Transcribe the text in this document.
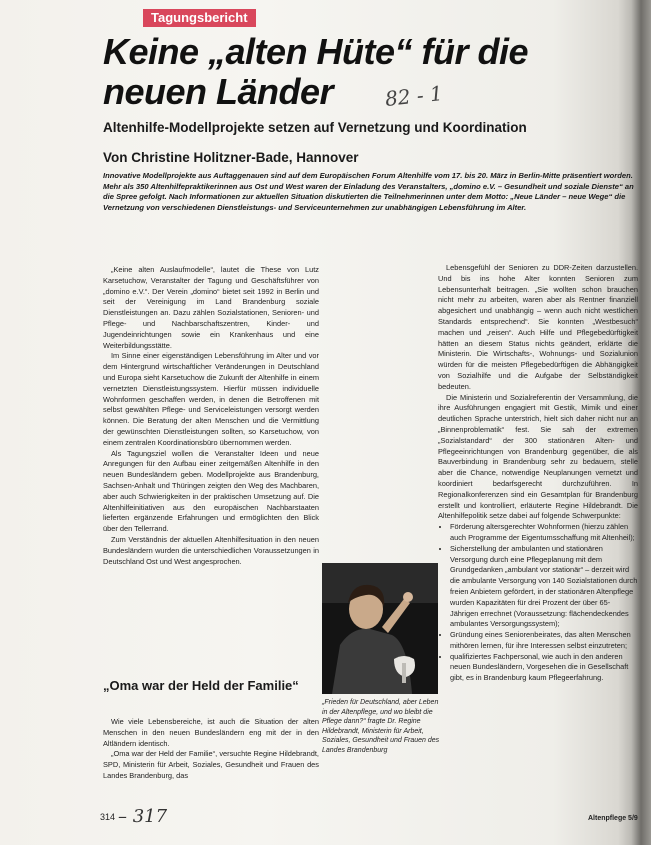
Tagungsbericht
Keine „alten Hüte“ für die neuen Länder	82 - 1
Altenhilfe-Modellprojekte setzen auf Vernetzung und Koordination
Von Christine Holitzner-Bade, Hannover
Innovative Modellprojekte aus Auftaggenauen sind auf dem Europäischen Forum Altenhilfe vom 17. bis 20. März in Berlin-Mitte präsentiert worden. Mehr als 350 Altenhilfepraktikerinnen aus Ost und West waren der Einladung des Veranstalters, „domino e.V. – Gesundheit und soziale Dienste“ an die Spree gefolgt. Nach Informationen zur aktuellen Situation diskutierten die Teilnehmerinnen unter dem Motto: „Neue Länder – neue Wege“ die Vernetzung von verschiedenen Dienstleistungs- und Serviceunternehmen zur unabhängigen Lebensführung im Alter.

„Keine alten Auslaufmodelle“, lautet die These von Lutz Karsetuchow, Veranstalter der Tagung und Geschäftsführer von „domino e.V.“. Der Verein „domino“ bietet seit 1992 in Berlin und seit der Vereinigung im Land Brandenburg soziale Dienstleistungen an. Dazu zählen Sozialstationen, Senioren- und Pflege- und Nachbarschaftszentren, Kinder- und Jugendeinrichtungen sowie ein Krankenhaus und eine Weiterbildungsstätte.

Im Sinne einer eigenständigen Lebensführung im Alter und vor dem Hintergrund wirtschaftlicher Veränderungen in Deutschland und Europa sieht Karsetuchow die Zukunft der Altenhilfe in einem vernetzten Dienstleistungssystem. Hierfür müssen individuelle Wohnformen geschaffen werden, in denen die Betroffenen mit selbst gewählten Pflege- und Serviceleistungen versorgt werden können. Die Beratung der alten Menschen und die Vermittlung der gewünschten Dienstleistungen sollten, so Karsetuchow, von einem zentralen Koordinationsbüro übernommen werden.

Als Tagungsziel wollen die Veranstalter Ideen und neue Anregungen für den Aufbau einer zeitgemäßen Altenhilfe in den neuen Bundesländern geben. Modellprojekte aus Brandenburg, Sachsen-Anhalt und Thüringen zeigten den Weg des Machbaren, aber auch Schwierigkeiten in der praktischen Umsetzung auf. Die Altenhilfeinitiativen aus den europäischen Nachbarstaaten lieferten ergänzende Erfahrungen und ermöglichten den Blick über den Tellerrand.

Zum Verständnis der aktuellen Altenhilfesituation in den neuen Bundesländern wurden die unterschiedlichen Voraussetzungen in Deutschland Ost und West angesprochen.

„Oma war der Held der Familie“

Wie viele Lebensbereiche, ist auch die Situation der alten Menschen in den neuen Bundesländern eng mit der in den Altländern identisch.

„Oma war der Held der Familie“, versuchte Regine Hildebrandt, SPD, Ministerin für Arbeit, Soziales, Gesundheit und Frauen des Landes Brandenburg, das

Lebensgefühl der Senioren zu DDR-Zeiten darzustellen. Und bis ins hohe Alter konnten Senioren zum Lebensunterhalt beitragen. „Sie wollten schon brauchen nicht mehr zu arbeiten, waren aber als Rentner finanziell abgesichert und unabhängig – wenn auch nicht westlichen Standards entsprechend“. Sie konnten „Westbesuch“ machen und „reisen“. Auch Hilfe und Pflegebedürftigkeit hätten an diesem Status nichts geändert, erklärte die Ministerin. Die Wirtschafts-, Wohnungs- und Sozialunion würden für die meisten Pflegebedürftigen die Abhängigkeit von Sozialhilfe und die Aufgabe der Selbständigkeit bedeuten.

Die Ministerin und Sozialreferentin der Versammlung, die ihre Ausführungen engagiert mit Gestik, Mimik und einer deutlichen Sprache unterstrich, hielt sich daher nicht nur an „Binnenproblematik“ fest. Sie sah der extremen „Sozialstandard“ der 300 stationären Alten- und Pflegeeinrichtungen von Brandenburg gegenüber, die als Bauverbindung in Brandenburg sehr zu bedauern, stelle aber die Chance, notwendige Neuplanungen vernetzt und koordiniert bedarfsgerecht durchzuführen. In Regionalkonferenzen sind ein Gesamtplan für Brandenburg erstellt und kontrolliert, erläuterte Regine Hildebrandt. Die Altenhilfepolitik setze dabei auf folgende Schwerpunkte:

• Förderung altersgerechter Wohnformen (hierzu zählen auch Programme der Eigentumsschaffung mit Altenheil);
• Sicherstellung der ambulanten und stationären Versorgung durch eine Pflegeplanung mit dem Grundgedanken „ambulant vor stationär“ – derzeit wird die ambulante Versorgung von 140 Sozialstationen durch freien Anbietern gefördert, in der stationären Altenpflege wurden Kapazitäten für drei Prozent der über 65-Jährigen errechnet (Voraussetzung: flächendeckendes ambulantes Versorgungssystem);
• Gründung eines Seniorenbeirates, das alten Menschen mithören lernen, für ihre Interessen selbst einzutreten;
• qualifiziertes Fachpersonal, wie auch in den anderen neuen Bundesländern, Vorgesehen die in Gesellschaft gibt, es in Brandenburg kaum Pflegeerfahrung.
„Frieden für Deutschland, aber Leben in der Altenpflege, und wo bleibt die Pflege dann?“ fragte Dr. Regine Hildebrandt, Ministerin für Arbeit, Soziales, Gesundheit und Frauen des Landes Brandenburg
314 – 317	Altenpflege 5/9
